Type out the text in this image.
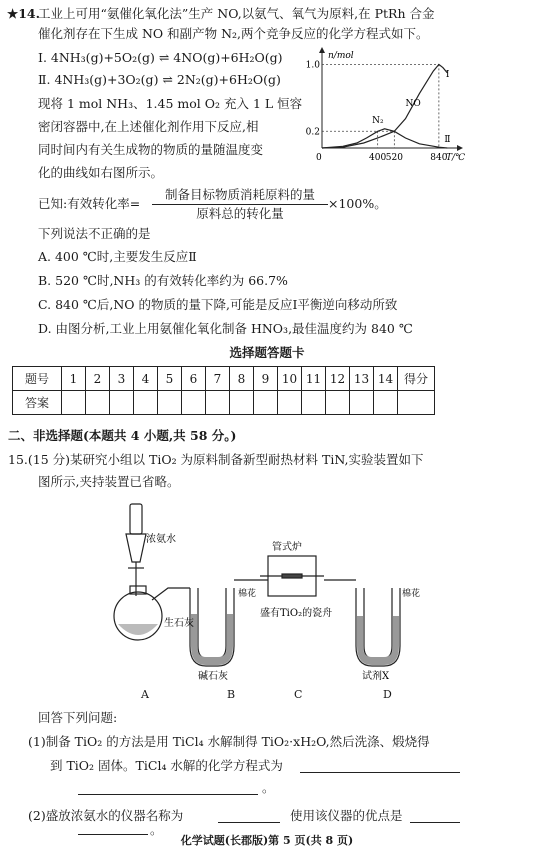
★14.
工业上可用“氨催化氧化法”生产 NO,以氨气、氧气为原料,在 PtRh 合金
催化剂存在下生成 NO 和副产物 N₂,两个竞争反应的化学方程式如下。
Ⅰ. 4NH₃(g)+5O₂(g) ⇌ 4NO(g)+6H₂O(g)
Ⅱ. 4NH₃(g)+3O₂(g) ⇌ 2N₂(g)+6H₂O(g)
现将 1 mol NH₃、1.45 mol O₂ 充入 1 L 恒容
密闭容器中,在上述催化剂作用下反应,相
同时间内有关生成物的物质的量随温度变
化的曲线如右图所示。
n/mol
T/℃
0	400 520	840
0.2
1.0
N₂
NO
Ⅰ
Ⅱ
已知:有效转化率=
制备目标物质消耗原料的量
原料总的转化量
×100%。
下列说法不正确的是
A. 400 ℃时,主要发生反应Ⅱ
B. 520 ℃时,NH₃ 的有效转化率约为 66.7%
C. 840 ℃后,NO 的物质的量下降,可能是反应Ⅰ平衡逆向移动所致
D. 由图分析,工业上用氨催化氧化制备 HNO₃,最佳温度约为 840 ℃
选择题答题卡
题号	1	2	3	4	5	6	7	8	9	10	11	12	13	14	得分
答案															
二、非选择题(本题共 4 小题,共 58 分。)
15.(15 分)某研究小组以 TiO₂ 为原料制备新型耐热材料 TiN,实验装置如下
图所示,夹持装置已省略。
浓氨水
管式炉
棉花	棉花
生石灰
盛有TiO₂的瓷舟
碱石灰	试剂X
A	B	C	D
回答下列问题:
(1)制备 TiO₂ 的方法是用 TiCl₄ 水解制得 TiO₂·xH₂O,然后洗涤、煅烧得
到 TiO₂ 固体。TiCl₄ 水解的化学方程式为
。
(2)盛放浓氨水的仪器名称为	使用该仪器的优点是
。
化学试题(长郡版)第 5 页(共 8 页)
